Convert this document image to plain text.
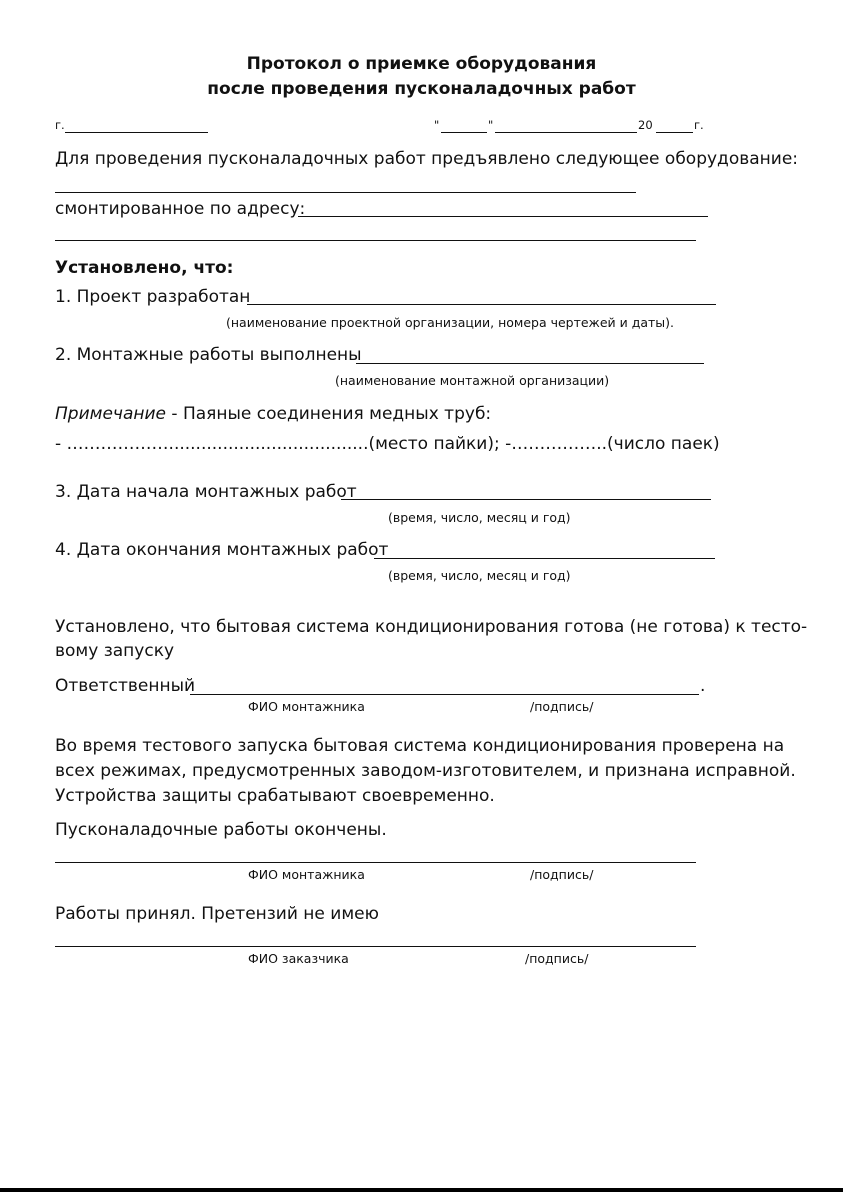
Протокол о приемке оборудования
после проведения пусконаладочных работ
г.	"	"	20	г.
Для проведения пусконаладочных работ предъявлено следующее оборудование:
смонтированное по адресу:
Установлено, что:
1. Проект разработан
(наименование проектной организации, номера чертежей и даты).
2. Монтажные работы выполнены
(наименование монтажной организации)
Примечание - Паяные соединения медных труб:
- ……………….....................................(место пайки); -……………..(число паек)
3. Дата начала монтажных работ
(время, число, месяц и год)
4. Дата окончания монтажных работ
(время, число, месяц и год)
Установлено, что бытовая система кондиционирования готова (не готова) к тесто-
вому запуску
Ответственный	.
ФИО монтажника	/подпись/
Во время тестового запуска бытовая система кондиционирования проверена на
всех режимах, предусмотренных заводом-изготовителем, и признана исправной.
Устройства защиты срабатывают своевременно.
Пусконаладочные работы окончены.
ФИО монтажника	/подпись/
Работы принял. Претензий не имею
ФИО заказчика	/подпись/
